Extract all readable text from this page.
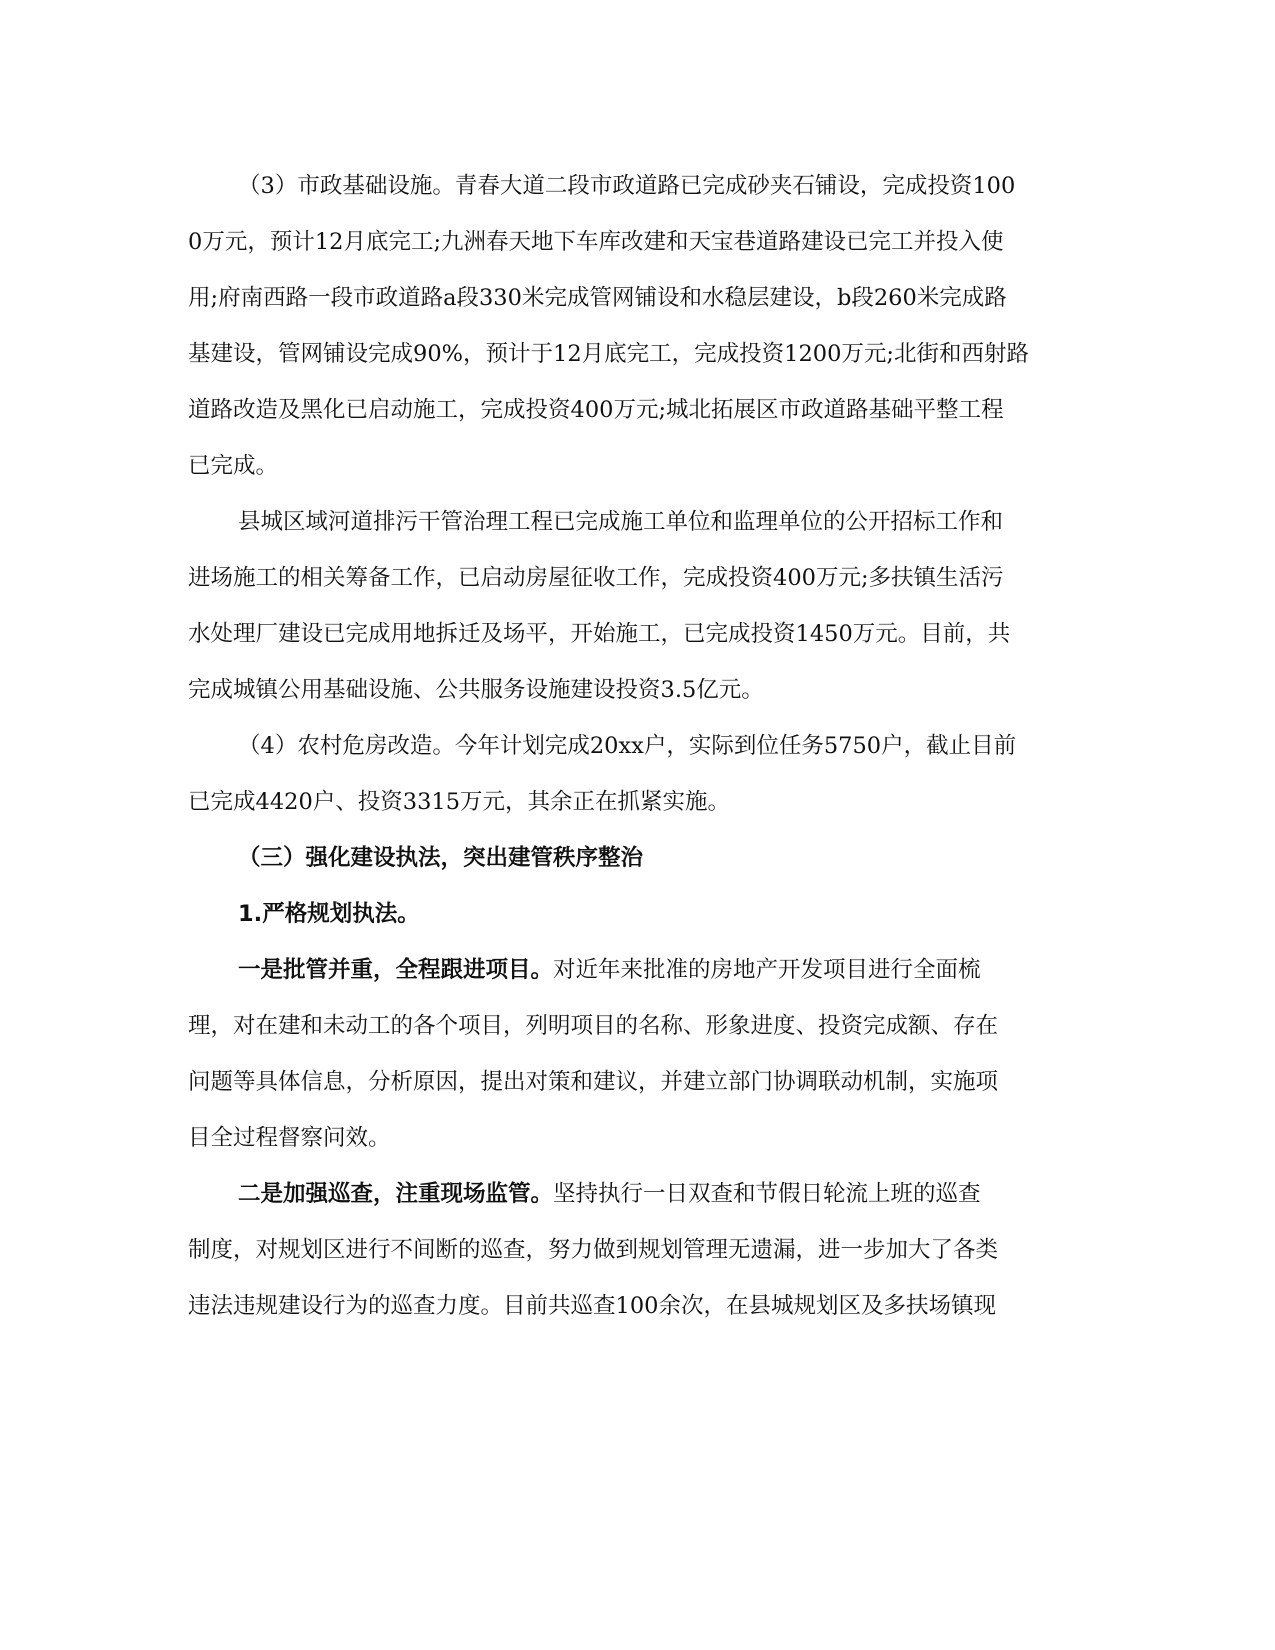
（3）市政基础设施。青春大道二段市政道路已完成砂夹石铺设，完成投资100
0万元，预计12月底完工;九洲春天地下车库改建和天宝巷道路建设已完工并投入使
用;府南西路一段市政道路a段330米完成管网铺设和水稳层建设，b段260米完成路
基建设，管网铺设完成90%，预计于12月底完工，完成投资1200万元;北街和西射路
道路改造及黑化已启动施工，完成投资400万元;城北拓展区市政道路基础平整工程
已完成。
县城区域河道排污干管治理工程已完成施工单位和监理单位的公开招标工作和
进场施工的相关筹备工作，已启动房屋征收工作，完成投资400万元;多扶镇生活污
水处理厂建设已完成用地拆迁及场平，开始施工，已完成投资1450万元。目前，共
完成城镇公用基础设施、公共服务设施建设投资3.5亿元。
（4）农村危房改造。今年计划完成20xx户，实际到位任务5750户，截止目前
已完成4420户、投资3315万元，其余正在抓紧实施。
（三）强化建设执法，突出建管秩序整治
1.严格规划执法。
一是批管并重，全程跟进项目。对近年来批准的房地产开发项目进行全面梳
理，对在建和未动工的各个项目，列明项目的名称、形象进度、投资完成额、存在
问题等具体信息，分析原因，提出对策和建议，并建立部门协调联动机制，实施项
目全过程督察问效。
二是加强巡查，注重现场监管。坚持执行一日双查和节假日轮流上班的巡查
制度，对规划区进行不间断的巡查，努力做到规划管理无遗漏，进一步加大了各类
违法违规建设行为的巡查力度。目前共巡查100余次，在县城规划区及多扶场镇现
